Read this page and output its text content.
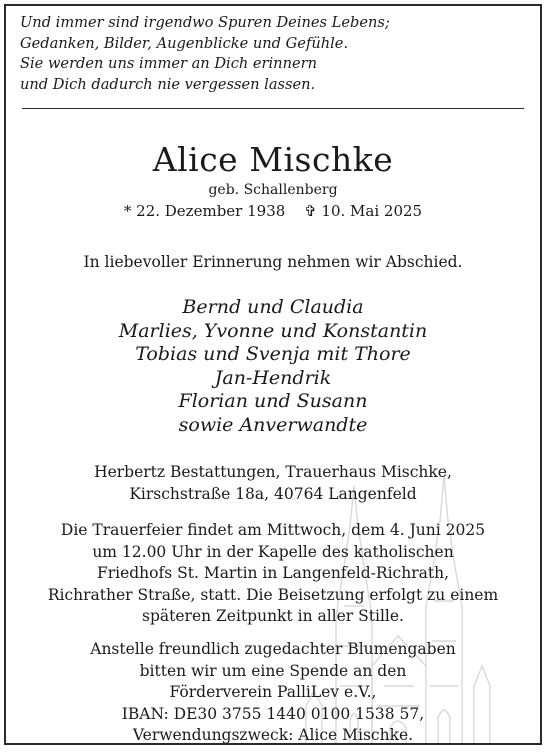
Und immer sind irgendwo Spuren Deines Lebens;
Gedanken, Bilder, Augenblicke und Gefühle.
Sie werden uns immer an Dich erinnern
und Dich dadurch nie vergessen lassen.
Alice Mischke
geb. Schallenberg
* 22. Dezember 1938 ✞ 10. Mai 2025
In liebevoller Erinnerung nehmen wir Abschied.
Bernd und Claudia
Marlies, Yvonne und Konstantin
Tobias und Svenja mit Thore
Jan-Hendrik
Florian und Susann
sowie Anverwandte
Herbertz Bestattungen, Trauerhaus Mischke,
Kirschstraße 18a, 40764 Langenfeld
Die Trauerfeier findet am Mittwoch, dem 4. Juni 2025
um 12.00 Uhr in der Kapelle des katholischen
Friedhofs St. Martin in Langenfeld-Richrath,
Richrather Straße, statt. Die Beisetzung erfolgt zu einem
späteren Zeitpunkt in aller Stille.
Anstelle freundlich zugedachter Blumengaben
bitten wir um eine Spende an den
Förderverein PalliLev e.V.,
IBAN: DE30 3755 1440 0100 1538 57,
Verwendungszweck: Alice Mischke.
